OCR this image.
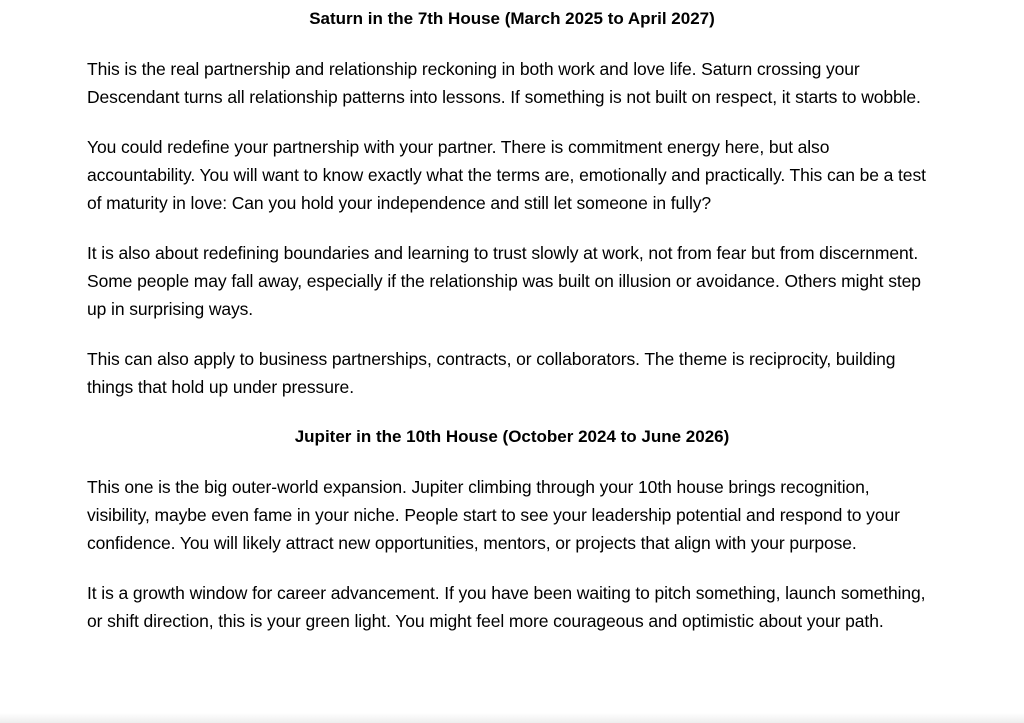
Saturn in the 7th House (March 2025 to April 2027)

This is the real partnership and relationship reckoning in both work and love life. Saturn crossing your Descendant turns all relationship patterns into lessons. If something is not built on respect, it starts to wobble.

You could redefine your partnership with your partner. There is commitment energy here, but also accountability. You will want to know exactly what the terms are, emotionally and practically. This can be a test of maturity in love: Can you hold your independence and still let someone in fully?

It is also about redefining boundaries and learning to trust slowly at work, not from fear but from discernment. Some people may fall away, especially if the relationship was built on illusion or avoidance. Others might step up in surprising ways.

This can also apply to business partnerships, contracts, or collaborators. The theme is reciprocity, building things that hold up under pressure.

Jupiter in the 10th House (October 2024 to June 2026)

This one is the big outer-world expansion. Jupiter climbing through your 10th house brings recognition, visibility, maybe even fame in your niche. People start to see your leadership potential and respond to your confidence. You will likely attract new opportunities, mentors, or projects that align with your purpose.

It is a growth window for career advancement. If you have been waiting to pitch something, launch something, or shift direction, this is your green light. You might feel more courageous and optimistic about your path.
